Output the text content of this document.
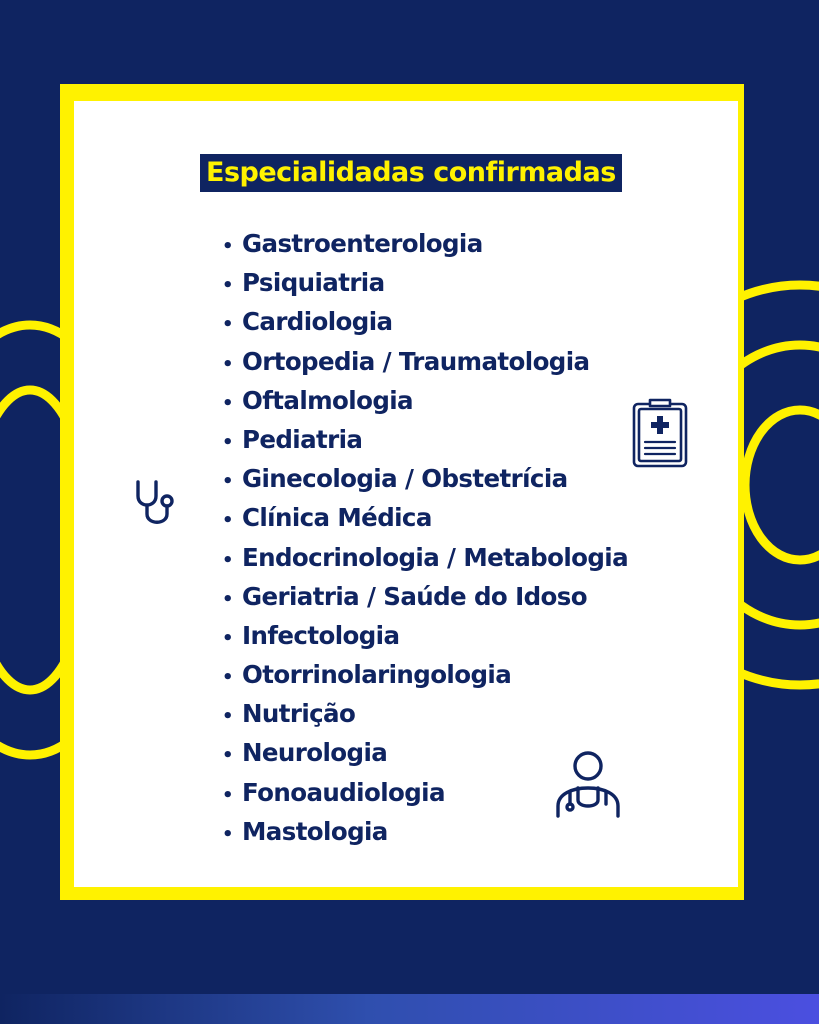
Especialidadas confirmadas
• Gastroenterologia
• Psiquiatria
• Cardiologia
• Ortopedia / Traumatologia
• Oftalmologia
• Pediatria
• Ginecologia / Obstetrícia
• Clínica Médica
• Endocrinologia / Metabologia
• Geriatria / Saúde do Idoso
• Infectologia
• Otorrinolaringologia
• Nutrição
• Neurologia
• Fonoaudiologia
• Mastologia
